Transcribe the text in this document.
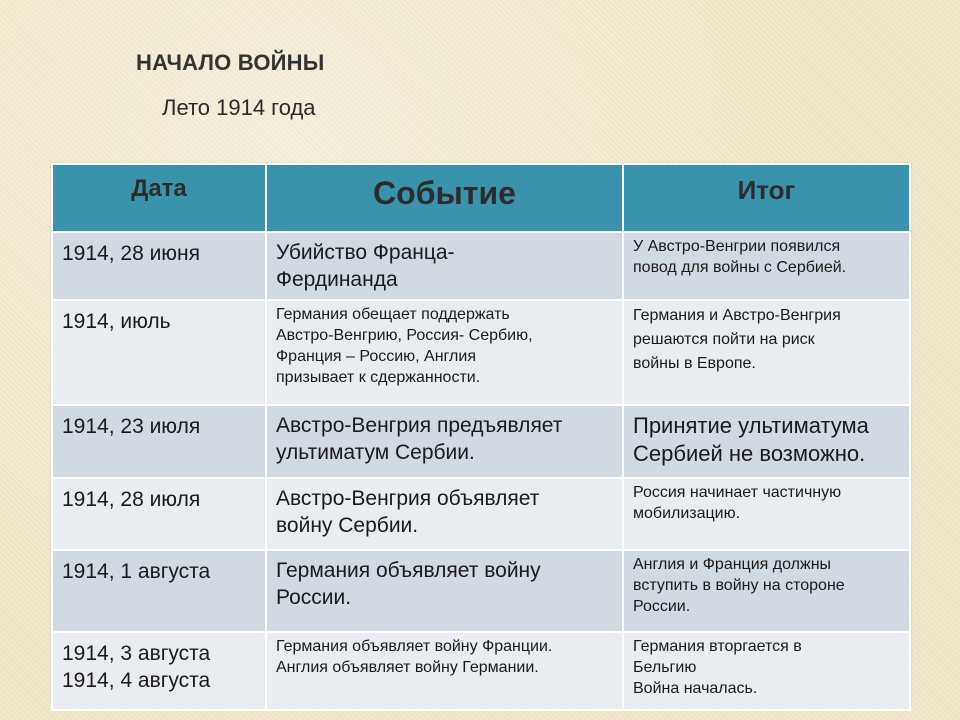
НАЧАЛО ВОЙНЫ
Лето 1914 года
Дата	Событие	Итог

1914, 28 июня	Убийство Франца-
Фердинанда	У Австро-Венгрии появился
повод для войны с Сербией.

1914, июль	Германия обещает поддержать
Австро-Венгрию, Россия- Сербию,
Франция – Россию, Англия
призывает к сдержанности.	Германия и Австро-Венгрия
решаются пойти на риск
войны в Европе.

1914, 23 июля	Австро-Венгрия предъявляет
ультиматум Сербии.	Принятие ультиматума
Сербией не возможно.

1914, 28 июля	Австро-Венгрия объявляет
войну Сербии.	Россия начинает частичную
мобилизацию.

1914, 1 августа	Германия объявляет войну
России.	Англия и Франция должны
вступить в войну на стороне
России.

1914, 3 августа
1914, 4 августа	Германия объявляет войну Франции.
Англия объявляет войну Германии.	Германия вторгается в
Бельгию
Война началась.
